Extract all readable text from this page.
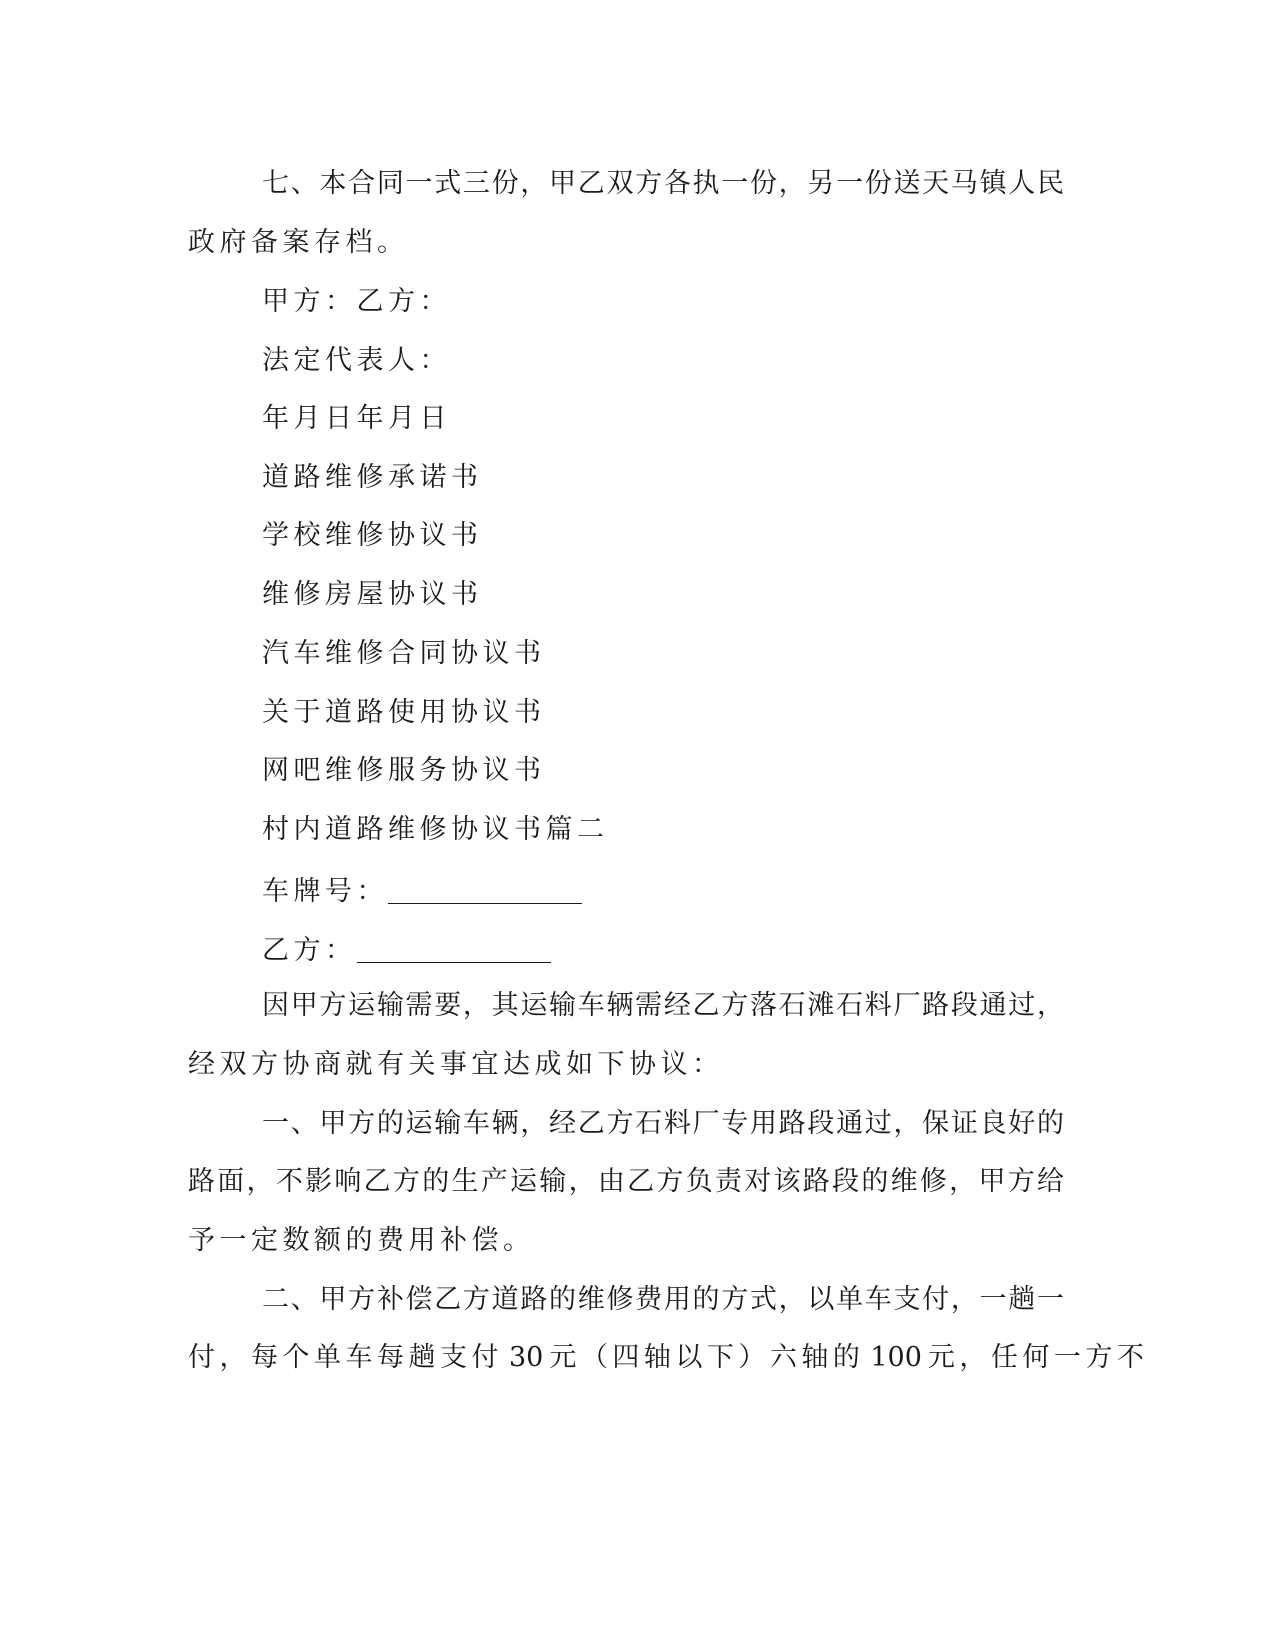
七、本合同一式三份，甲乙双方各执一份，另一份送天马镇人民
政府备案存档。
甲方：乙方：
法定代表人：
年月日年月日
道路维修承诺书
学校维修协议书
维修房屋协议书
汽车维修合同协议书
关于道路使用协议书
网吧维修服务协议书
村内道路维修协议书篇二
车牌号：
乙方：
因甲方运输需要，其运输车辆需经乙方落石滩石料厂路段通过，
经双方协商就有关事宜达成如下协议：
一、甲方的运输车辆，经乙方石料厂专用路段通过，保证良好的
路面，不影响乙方的生产运输，由乙方负责对该路段的维修，甲方给
予一定数额的费用补偿。
二、甲方补偿乙方道路的维修费用的方式，以单车支付，一趟一
付，每个单车每趟支付 30 元（四轴以下）六轴的 100 元，任何一方不
